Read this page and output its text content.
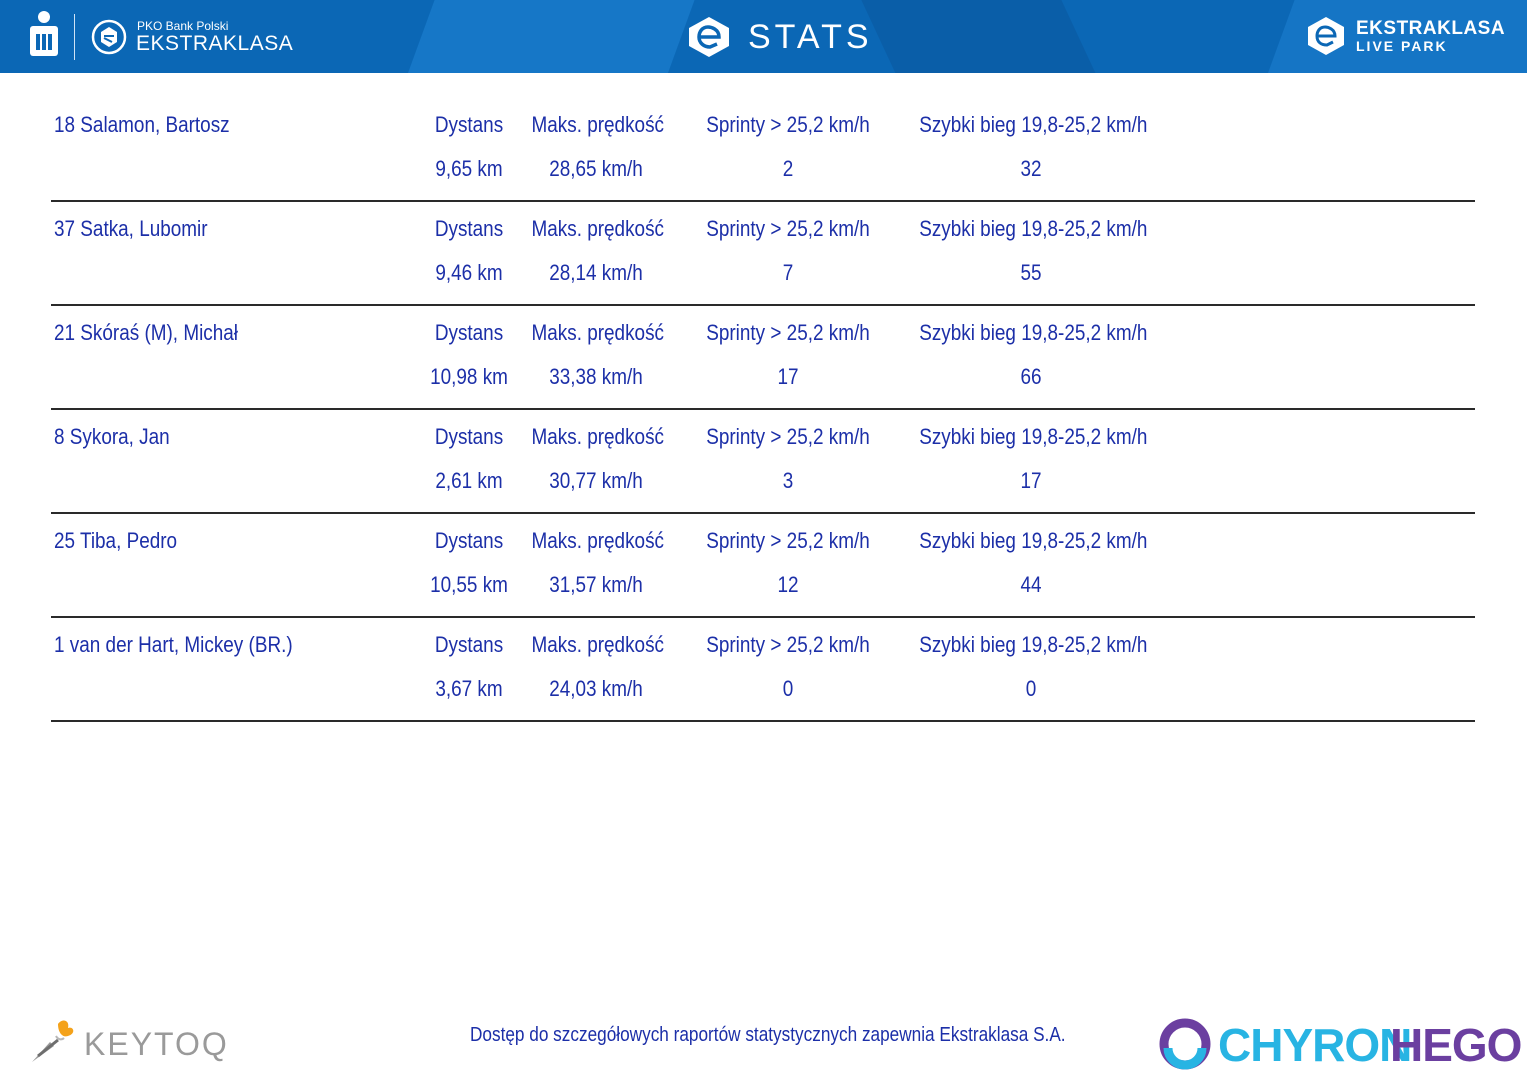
PKO Bank Polski
EKSTRAKLASA	STATS	EKSTRAKLASA
LIVE PARK
18 Salamon, Bartosz	Dystans	Maks. prędkość	Sprinty > 25,2 km/h	Szybki bieg 19,8-25,2 km/h
9,65 km	28,65 km/h	2	32
37 Satka, Lubomir	Dystans	Maks. prędkość	Sprinty > 25,2 km/h	Szybki bieg 19,8-25,2 km/h
9,46 km	28,14 km/h	7	55
21 Skóraś (M), Michał	Dystans	Maks. prędkość	Sprinty > 25,2 km/h	Szybki bieg 19,8-25,2 km/h
10,98 km	33,38 km/h	17	66
8 Sykora, Jan	Dystans	Maks. prędkość	Sprinty > 25,2 km/h	Szybki bieg 19,8-25,2 km/h
2,61 km	30,77 km/h	3	17
25 Tiba, Pedro	Dystans	Maks. prędkość	Sprinty > 25,2 km/h	Szybki bieg 19,8-25,2 km/h
10,55 km	31,57 km/h	12	44
1 van der Hart, Mickey (BR.)	Dystans	Maks. prędkość	Sprinty > 25,2 km/h	Szybki bieg 19,8-25,2 km/h
3,67 km	24,03 km/h	0	0
KEYTOQ	Dostęp do szczegółowych raportów statystycznych zapewnia Ekstraklasa S.A.	CHYRON
HEGO
